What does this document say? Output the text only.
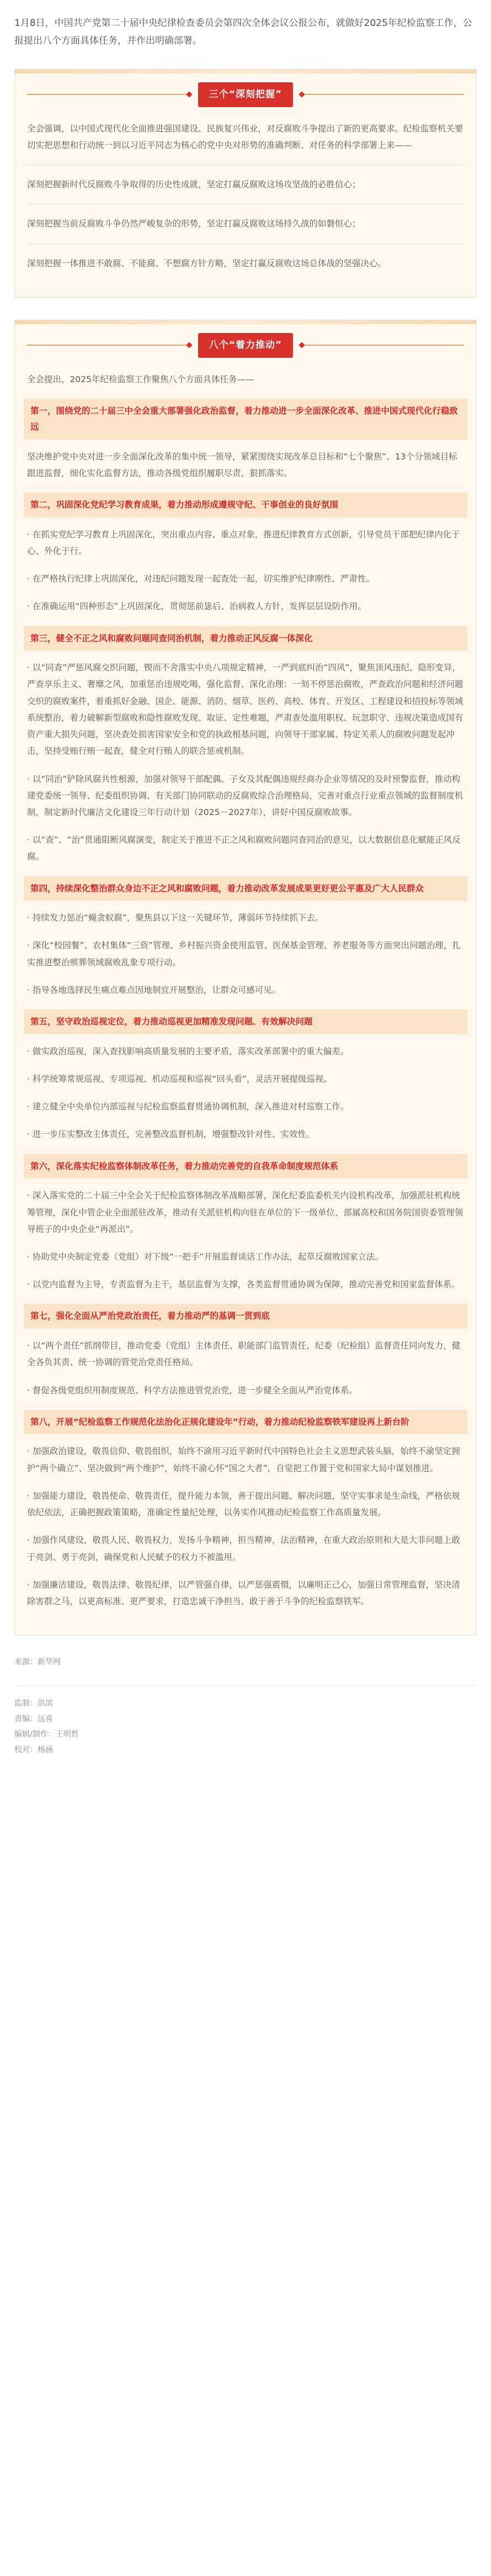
1月8日，中国共产党第二十届中央纪律检查委员会第四次全体会议公报公布，就做好2025年纪检监察工作，公报提出八个方面具体任务，并作出明确部署。

三个“深刻把握”

全会强调，以中国式现代化全面推进强国建设、民族复兴伟业，对反腐败斗争提出了新的更高要求。纪检监察机关要切实把思想和行动统一到以习近平同志为核心的党中央对形势的准确判断、对任务的科学部署上来——

深刻把握新时代反腐败斗争取得的历史性成就，坚定打赢反腐败这场攻坚战的必胜信心；

深刻把握当前反腐败斗争仍然严峻复杂的形势，坚定打赢反腐败这场持久战的如磐恒心；

深刻把握一体推进不敢腐、不能腐、不想腐方针方略，坚定打赢反腐败这场总体战的坚强决心。

八个“着力推动”

全会提出，2025年纪检监察工作聚焦八个方面具体任务——

第一，围绕党的二十届三中全会重大部署强化政治监督，着力推动进一步全面深化改革、推进中国式现代化行稳致远

坚决维护党中央对进一步全面深化改革的集中统一领导，紧紧围绕实现改革总目标和“七个聚焦”、13个分领域目标跟进监督，细化实化监督方法，推动各级党组织履职尽责、狠抓落实。

第二，巩固深化党纪学习教育成果，着力推动形成遵规守纪、干事创业的良好氛围

· 在抓实党纪学习教育上巩固深化，突出重点内容、重点对象，推进纪律教育方式创新，引导党员干部把纪律内化于心、外化于行。

· 在严格执行纪律上巩固深化，对违纪问题发现一起查处一起，切实维护纪律刚性、严肃性。

· 在准确运用“四种形态”上巩固深化，贯彻惩前毖后、治病救人方针，发挥层层设防作用。

第三，健全不正之风和腐败问题同查同治机制，着力推动正风反腐一体深化

· 以“同查”严惩风腐交织问题，锲而不舍落实中央八项规定精神，一严到底纠治“四风”，聚焦顶风违纪、隐形变异，严查享乐主义、奢靡之风，加重惩治违规吃喝，强化监督、深化治理：一刻不停惩治腐败，严查政治问题和经济问题交织的腐败案件，着重抓好金融、国企、能源、消防、烟草、医药、高校、体育、开发区、工程建设和招投标等领域系统整治，着力破解新型腐败和隐性腐败发现、取证、定性难题，严肃查处滥用职权、玩忽职守、违规决策造成国有资产重大损失问题，坚决查处损害国家安全和党的执政根基问题，向领导干部家属、特定关系人的腐败问题发起冲击，坚持受贿行贿一起查，健全对行贿人的联合惩戒机制。

· 以“同治”铲除风腐共性根源，加强对领导干部配偶、子女及其配偶违规经商办企业等情况的及时预警监督，推动构建党委统一领导、纪委组织协调、有关部门协同联动的反腐败综合治理格局，完善对重点行业重点领域的监督制度机制，制定新时代廉洁文化建设三年行动计划（2025－2027年），讲好中国反腐败故事。

· 以“查”、“治”贯通阻断风腐演变，制定关于推进不正之风和腐败问题同查同治的意见，以大数据信息化赋能正风反腐。

第四，持续深化整治群众身边不正之风和腐败问题，着力推动改革发展成果更好更公平惠及广大人民群众

· 持续发力惩治“蝇贪蚁腐”，聚焦县以下这一关键环节，薄弱环节持续抓下去。

· 深化“校园餐”、农村集体“三资”管理、乡村振兴资金使用监管、医保基金管理、养老服务等方面突出问题治理，扎实推进整治殡葬领域腐败乱象专项行动。

· 指导各地选择民生痛点难点因地制宜开展整治，让群众可感可见。

第五，坚守政治巡视定位，着力推动巡视更加精准发现问题、有效解决问题

· 做实政治巡视，深入查找影响高质量发展的主要矛盾，落实改革部署中的重大偏差。

· 科学统筹常规巡视、专项巡视、机动巡视和巡视“回头看”，灵活开展提级巡视。

· 建立健全中央单位内部巡视与纪检监察监督贯通协调机制，深入推进对村巡察工作。

· 进一步压实整改主体责任，完善整改监督机制，增强整改针对性、实效性。

第六，深化落实纪检监察体制改革任务，着力推动完善党的自我革命制度规范体系

· 深入落实党的二十届三中全会关于纪检监察体制改革战略部署，深化纪委监委机关内设机构改革，加强派驻机构统筹管理，深化中管企业全面派驻改革，推动有关派驻机构向驻在单位的下一级单位、部属高校和国务院国资委管理领导班子的中央企业“再派出”。

· 协助党中央制定党委（党组）对下级“一把手”开展监督谈话工作办法，起草反腐败国家立法。

· 以党内监督为主导，专责监督为主干，基层监督为支撑，各类监督贯通协调为保障，推动完善党和国家监督体系。

第七，强化全面从严治党政治责任，着力推动严的基调一贯到底

· 以“两个责任”抓纲带目，推动党委（党组）主体责任、职能部门监管责任、纪委（纪检组）监督责任同向发力，健全各负其责、统一协调的管党治党责任格局。

· 督促各级党组织用制度规范、科学方法推进管党治党，进一步健全全面从严治党体系。

第八，开展“纪检监察工作规范化法治化正规化建设年”行动，着力推动纪检监察铁军建设再上新台阶

· 加强政治建设，敬畏信仰、敬畏组织，始终不渝用习近平新时代中国特色社会主义思想武装头脑，始终不渝坚定拥护“两个确立”、坚决做到“两个维护”，始终不渝心怀“国之大者”，自觉把工作置于党和国家大局中谋划推进。

· 加强能力建设，敬畏使命、敬畏责任，提升能力本领，善于提出问题、解决问题，坚守实事求是生命线，严格依规依纪依法，正确把握政策策略，准确定性量纪处理，以务实作风推动纪检监察工作高质量发展。

· 加强作风建设，敬畏人民、敬畏权力，发扬斗争精神，担当精神，法治精神，在重大政治原则和大是大非问题上敢于亮剑、勇于亮剑，确保党和人民赋予的权力不被滥用。

· 加强廉洁建设，敬畏法律、敬畏纪律，以严管强自律，以严惩强震慑，以廉明正己心，加强日常管理监督，坚决清除害群之马，以更高标准、更严要求，打造忠诚干净担当、敢于善于斗争的纪检监察铁军。

来源：新华网
监制：洪滨
责编：远喜
编辑/制作：王明哲
校对：杨涵
